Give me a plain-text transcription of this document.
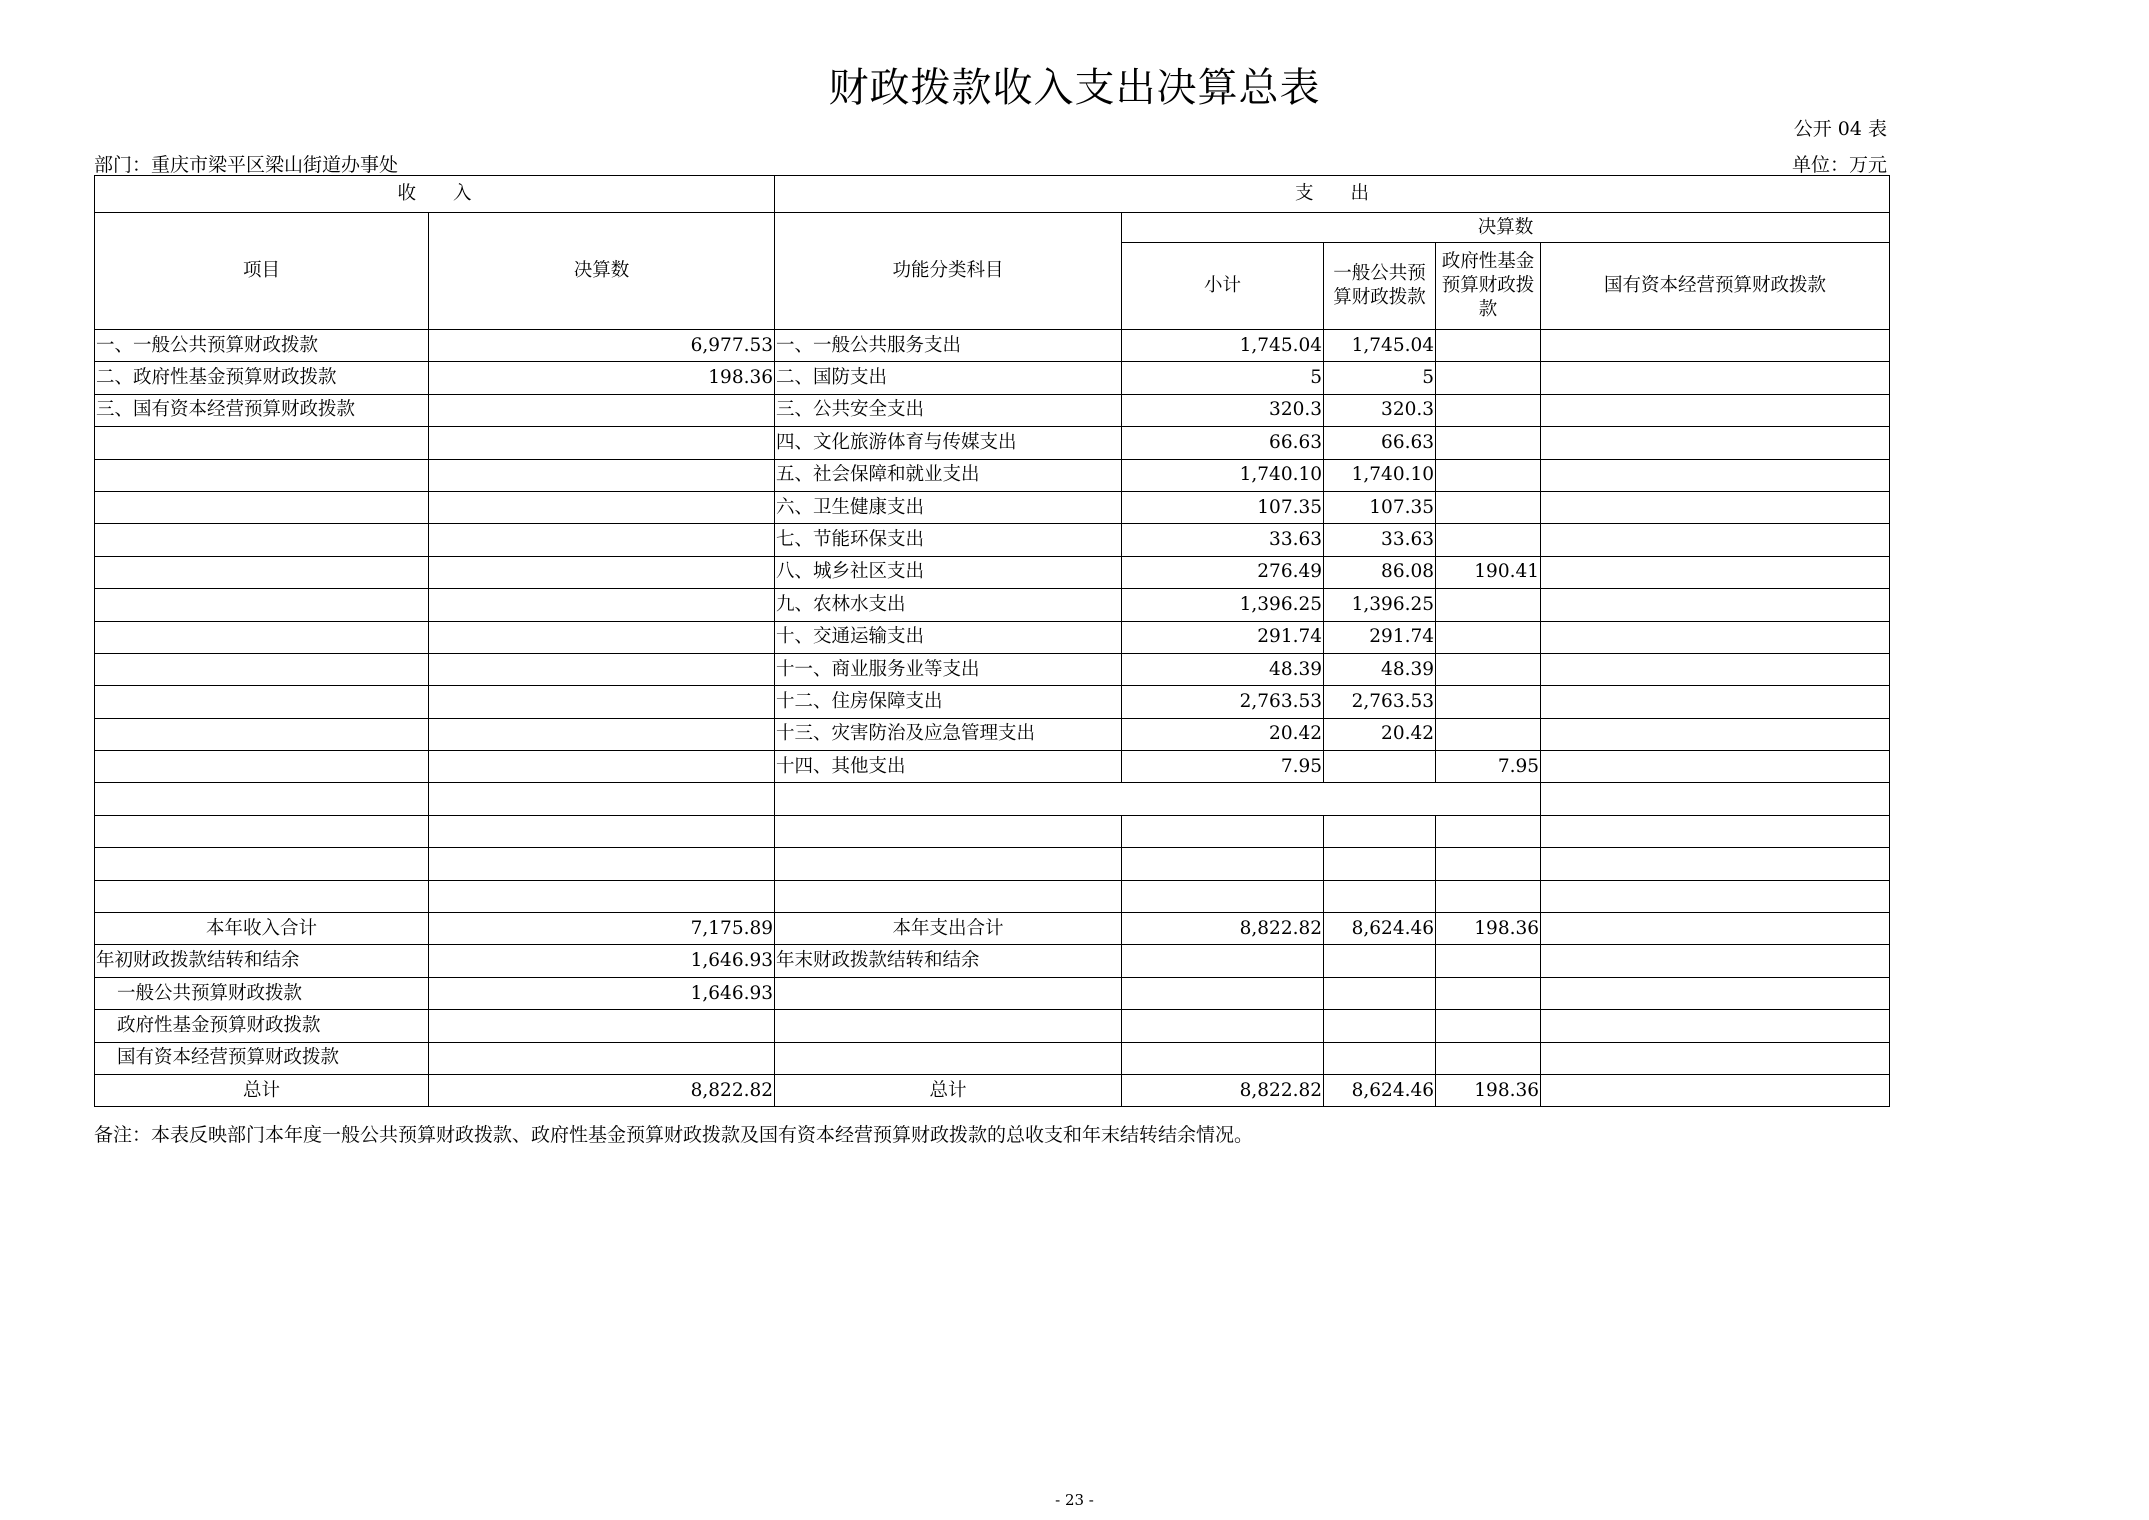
财政拨款收入支出决算总表
公开 04 表
部门：重庆市梁平区梁山街道办事处	单位：万元
收　　入		支　　出				
项目	决算数	功能分类科目	决算数			
			小计	一般公共预算财政拨款	政府性基金预算财政拨款	国有资本经营预算财政拨款
一、一般公共预算财政拨款	6,977.53	一、一般公共服务支出	1,745.04	1,745.04		
二、政府性基金预算财政拨款	198.36	二、国防支出	5	5		
三、国有资本经营预算财政拨款		三、公共安全支出	320.3	320.3		
		四、文化旅游体育与传媒支出	66.63	66.63		
		五、社会保障和就业支出	1,740.10	1,740.10		
		六、卫生健康支出	107.35	107.35		
		七、节能环保支出	33.63	33.63		
		八、城乡社区支出	276.49	86.08	190.41	
		九、农林水支出	1,396.25	1,396.25		
		十、交通运输支出	291.74	291.74		
		十一、商业服务业等支出	48.39	48.39		
		十二、住房保障支出	2,763.53	2,763.53		
		十三、灾害防治及应急管理支出	20.42	20.42		
		十四、其他支出	7.95		7.95	

本年收入合计	7,175.89	本年支出合计	8,822.82	8,624.46	198.36	
年初财政拨款结转和结余	1,646.93	年末财政拨款结转和结余				
一般公共预算财政拨款	1,646.93					
政府性基金预算财政拨款						
国有资本经营预算财政拨款						
总计	8,822.82	总计	8,822.82	8,624.46	198.36	
备注：本表反映部门本年度一般公共预算财政拨款、政府性基金预算财政拨款及国有资本经营预算财政拨款的总收支和年末结转结余情况。
- 23 -
